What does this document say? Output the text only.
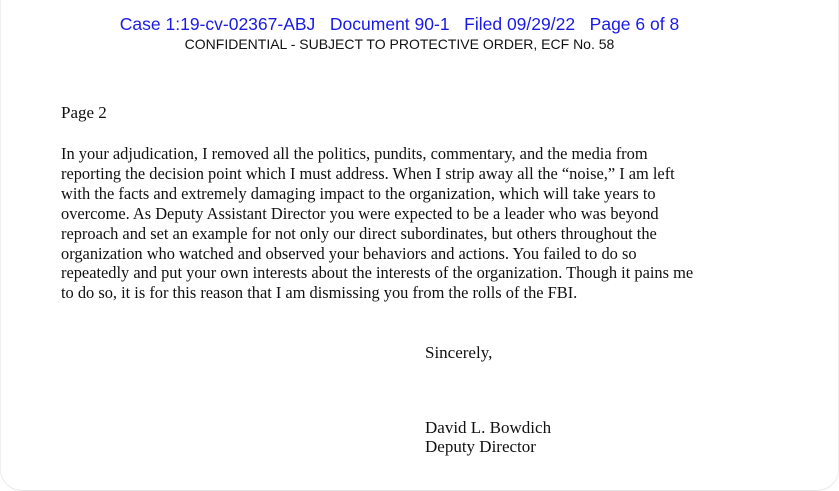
Case 1:19-cv-02367-ABJ Document 90-1 Filed 09/29/22 Page 6 of 8
CONFIDENTIAL - SUBJECT TO PROTECTIVE ORDER, ECF No. 58
Page 2
In your adjudication, I removed all the politics, pundits, commentary, and the media from
reporting the decision point which I must address. When I strip away all the “noise,” I am left
with the facts and extremely damaging impact to the organization, which will take years to
overcome. As Deputy Assistant Director you were expected to be a leader who was beyond
reproach and set an example for not only our direct subordinates, but others throughout the
organization who watched and observed your behaviors and actions. You failed to do so
repeatedly and put your own interests about the interests of the organization. Though it pains me
to do so, it is for this reason that I am dismissing you from the rolls of the FBI.
Sincerely,
David L. Bowdich
Deputy Director
